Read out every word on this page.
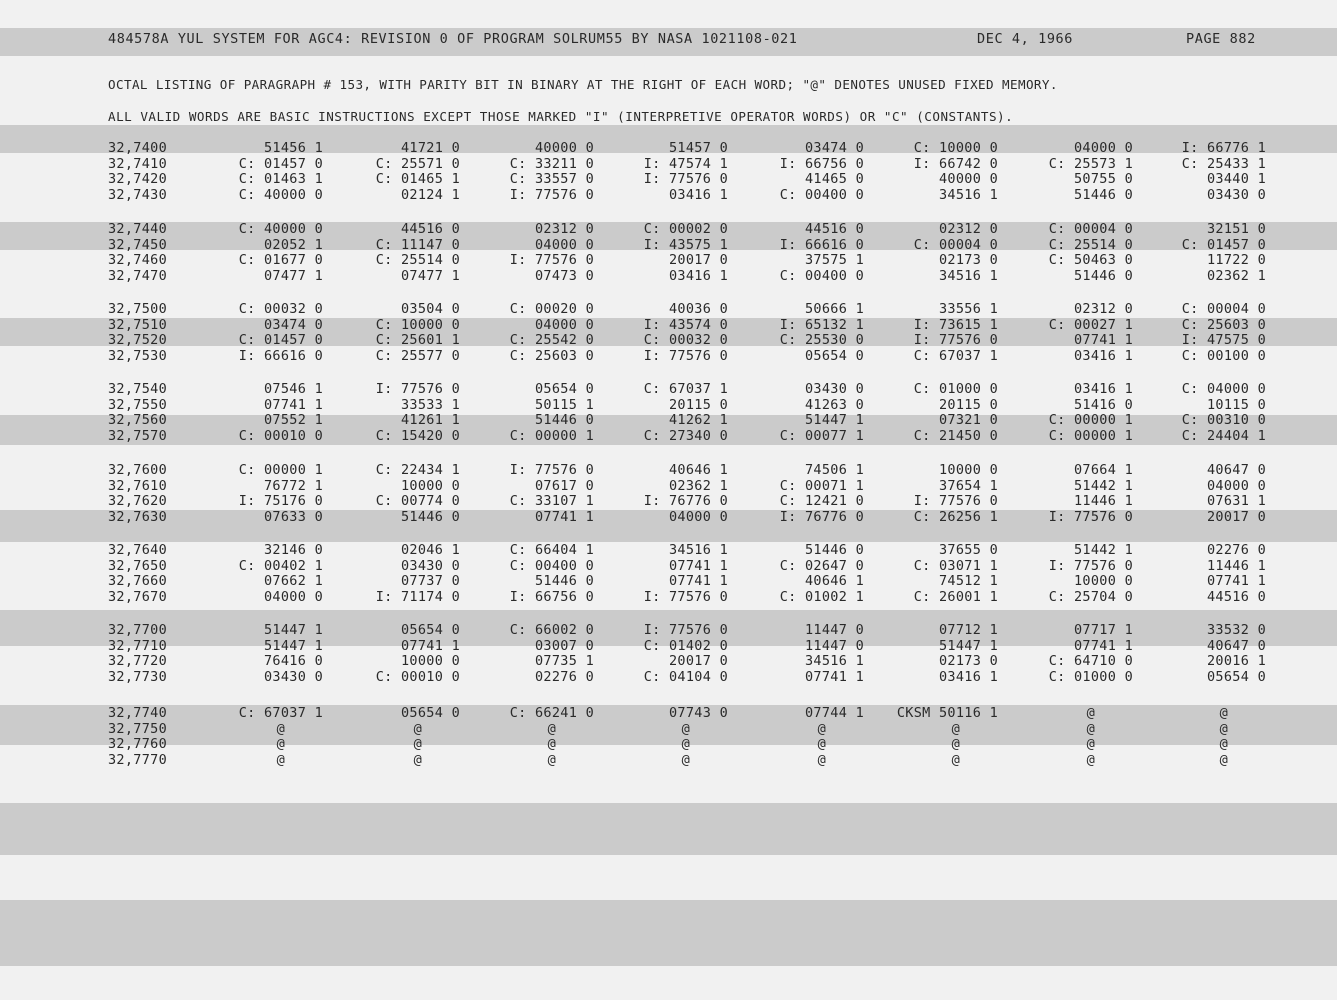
484578A YUL SYSTEM FOR AGC4: REVISION 0 OF PROGRAM SOLRUM55 BY NASA 1021108-021	DEC 4, 1966	PAGE 882
OCTAL LISTING OF PARAGRAPH # 153, WITH PARITY BIT IN BINARY AT THE RIGHT OF EACH WORD; "@" DENOTES UNUSED FIXED MEMORY.
ALL VALID WORDS ARE BASIC INSTRUCTIONS EXCEPT THOSE MARKED "I" (INTERPRETIVE OPERATOR WORDS) OR "C" (CONSTANTS).
32,7400	51456 1	41721 0	40000 0	51457 0	03474 0	C: 10000 0	04000 0	I: 66776 1
32,7410	C: 01457 0	C: 25571 0	C: 33211 0	I: 47574 1	I: 66756 0	I: 66742 0	C: 25573 1	C: 25433 1
32,7420	C: 01463 1	C: 01465 1	C: 33557 0	I: 77576 0	41465 0	40000 0	50755 0	03440 1
32,7430	C: 40000 0	02124 1	I: 77576 0	03416 1	C: 00400 0	34516 1	51446 0	03430 0
32,7440	C: 40000 0	44516 0	02312 0	C: 00002 0	44516 0	02312 0	C: 00004 0	32151 0
32,7450	02052 1	C: 11147 0	04000 0	I: 43575 1	I: 66616 0	C: 00004 0	C: 25514 0	C: 01457 0
32,7460	C: 01677 0	C: 25514 0	I: 77576 0	20017 0	37575 1	02173 0	C: 50463 0	11722 0
32,7470	07477 1	07477 1	07473 0	03416 1	C: 00400 0	34516 1	51446 0	02362 1
32,7500	C: 00032 0	03504 0	C: 00020 0	40036 0	50666 1	33556 1	02312 0	C: 00004 0
32,7510	03474 0	C: 10000 0	04000 0	I: 43574 0	I: 65132 1	I: 73615 1	C: 00027 1	C: 25603 0
32,7520	C: 01457 0	C: 25601 1	C: 25542 0	C: 00032 0	C: 25530 0	I: 77576 0	07741 1	I: 47575 0
32,7530	I: 66616 0	C: 25577 0	C: 25603 0	I: 77576 0	05654 0	C: 67037 1	03416 1	C: 00100 0
32,7540	07546 1	I: 77576 0	05654 0	C: 67037 1	03430 0	C: 01000 0	03416 1	C: 04000 0
32,7550	07741 1	33533 1	50115 1	20115 0	41263 0	20115 0	51416 0	10115 0
32,7560	07552 1	41261 1	51446 0	41262 1	51447 1	07321 0	C: 00000 1	C: 00310 0
32,7570	C: 00010 0	C: 15420 0	C: 00000 1	C: 27340 0	C: 00077 1	C: 21450 0	C: 00000 1	C: 24404 1
32,7600	C: 00000 1	C: 22434 1	I: 77576 0	40646 1	74506 1	10000 0	07664 1	40647 0
32,7610	76772 1	10000 0	07617 0	02362 1	C: 00071 1	37654 1	51442 1	04000 0
32,7620	I: 75176 0	C: 00774 0	C: 33107 1	I: 76776 0	C: 12421 0	I: 77576 0	11446 1	07631 1
32,7630	07633 0	51446 0	07741 1	04000 0	I: 76776 0	C: 26256 1	I: 77576 0	20017 0
32,7640	32146 0	02046 1	C: 66404 1	34516 1	51446 0	37655 0	51442 1	02276 0
32,7650	C: 00402 1	03430 0	C: 00400 0	07741 1	C: 02647 0	C: 03071 1	I: 77576 0	11446 1
32,7660	07662 1	07737 0	51446 0	07741 1	40646 1	74512 1	10000 0	07741 1
32,7670	04000 0	I: 71174 0	I: 66756 0	I: 77576 0	C: 01002 1	C: 26001 1	C: 25704 0	44516 0
32,7700	51447 1	05654 0	C: 66002 0	I: 77576 0	11447 0	07712 1	07717 1	33532 0
32,7710	51447 1	07741 1	03007 0	C: 01402 0	11447 0	51447 1	07741 1	40647 0
32,7720	76416 0	10000 0	07735 1	20017 0	34516 1	02173 0	C: 64710 0	20016 1
32,7730	03430 0	C: 00010 0	02276 0	C: 04104 0	07741 1	03416 1	C: 01000 0	05654 0
32,7740	C: 67037 1	05654 0	C: 66241 0	07743 0	07744 1	CKSM 50116 1	@	@
32,7750	@	@	@	@	@	@	@	@
32,7760	@	@	@	@	@	@	@	@
32,7770	@	@	@	@	@	@	@	@
